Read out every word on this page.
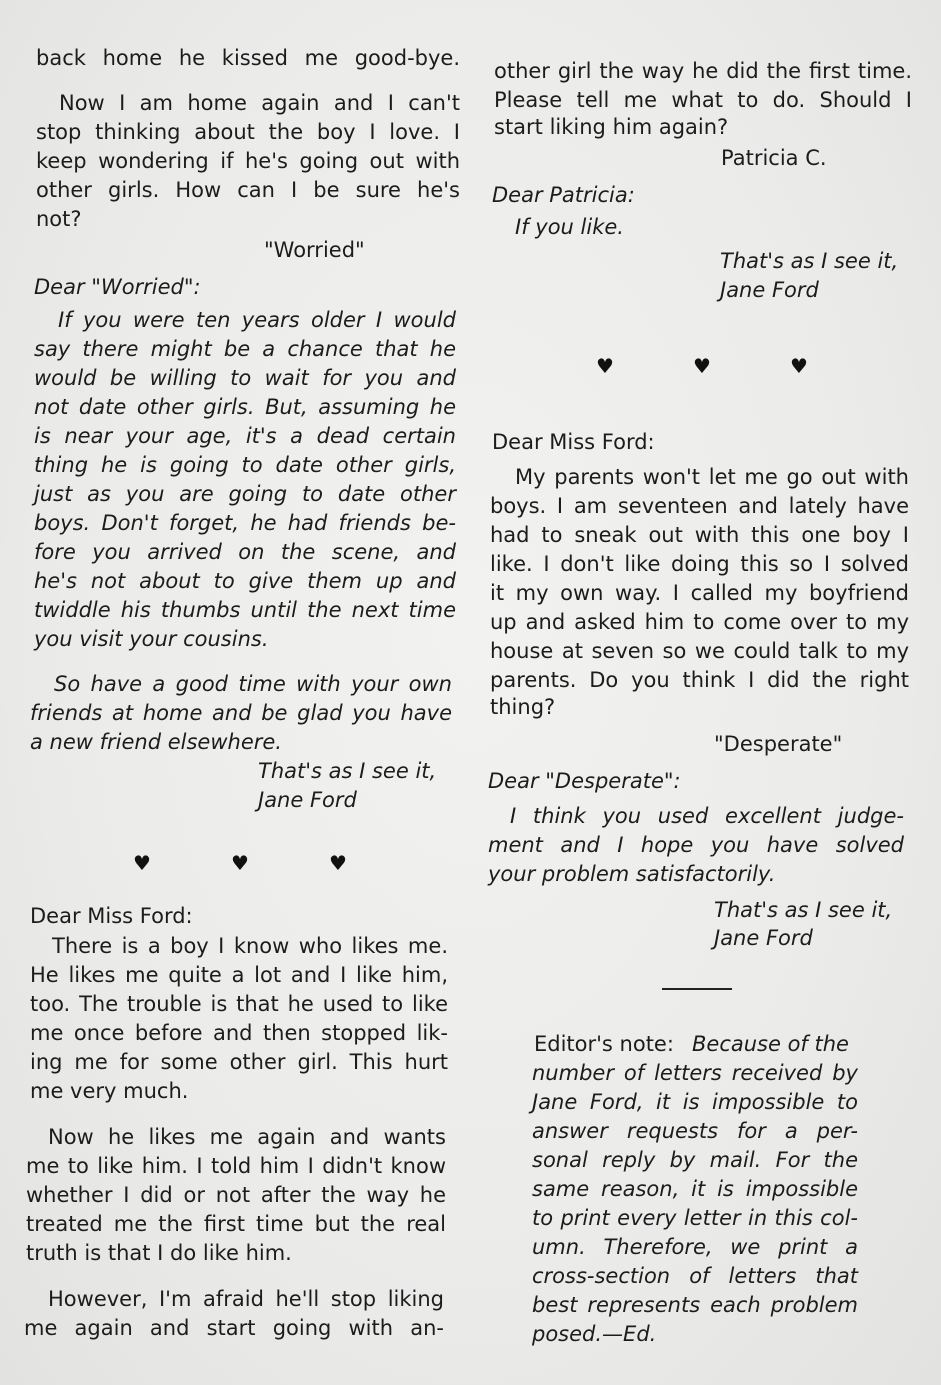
back home he kissed me good-bye.
Now I am home again and I can't
stop thinking about the boy I love. I
keep wondering if he's going out with
other girls. How can I be sure he's
not?
"Worried"
Dear "Worried":
If you were ten years older I would
say there might be a chance that he
would be willing to wait for you and
not date other girls. But, assuming he
is near your age, it's a dead certain
thing he is going to date other girls,
just as you are going to date other
boys. Don't forget, he had friends be-
fore you arrived on the scene, and
he's not about to give them up and
twiddle his thumbs until the next time
you visit your cousins.
So have a good time with your own
friends at home and be glad you have
a new friend elsewhere.
That's as I see it,
Jane Ford
♥	♥	♥
Dear Miss Ford:
There is a boy I know who likes me.
He likes me quite a lot and I like him,
too. The trouble is that he used to like
me once before and then stopped lik-
ing me for some other girl. This hurt
me very much.
Now he likes me again and wants
me to like him. I told him I didn't know
whether I did or not after the way he
treated me the first time but the real
truth is that I do like him.
However, I'm afraid he'll stop liking
me again and start going with an-
other girl the way he did the first time.
Please tell me what to do. Should I
start liking him again?
Patricia C.
Dear Patricia:
If you like.
That's as I see it,
Jane Ford
♥	♥	♥
Dear Miss Ford:
My parents won't let me go out with
boys. I am seventeen and lately have
had to sneak out with this one boy I
like. I don't like doing this so I solved
it my own way. I called my boyfriend
up and asked him to come over to my
house at seven so we could talk to my
parents. Do you think I did the right
thing?
"Desperate"
Dear "Desperate":
I think you used excellent judge-
ment and I hope you have solved
your problem satisfactorily.
That's as I see it,
Jane Ford
Editor's note: Because of the
number of letters received by
Jane Ford, it is impossible to
answer requests for a per-
sonal reply by mail. For the
same reason, it is impossible
to print every letter in this col-
umn. Therefore, we print a
cross-section of letters that
best represents each problem
posed.—Ed.
